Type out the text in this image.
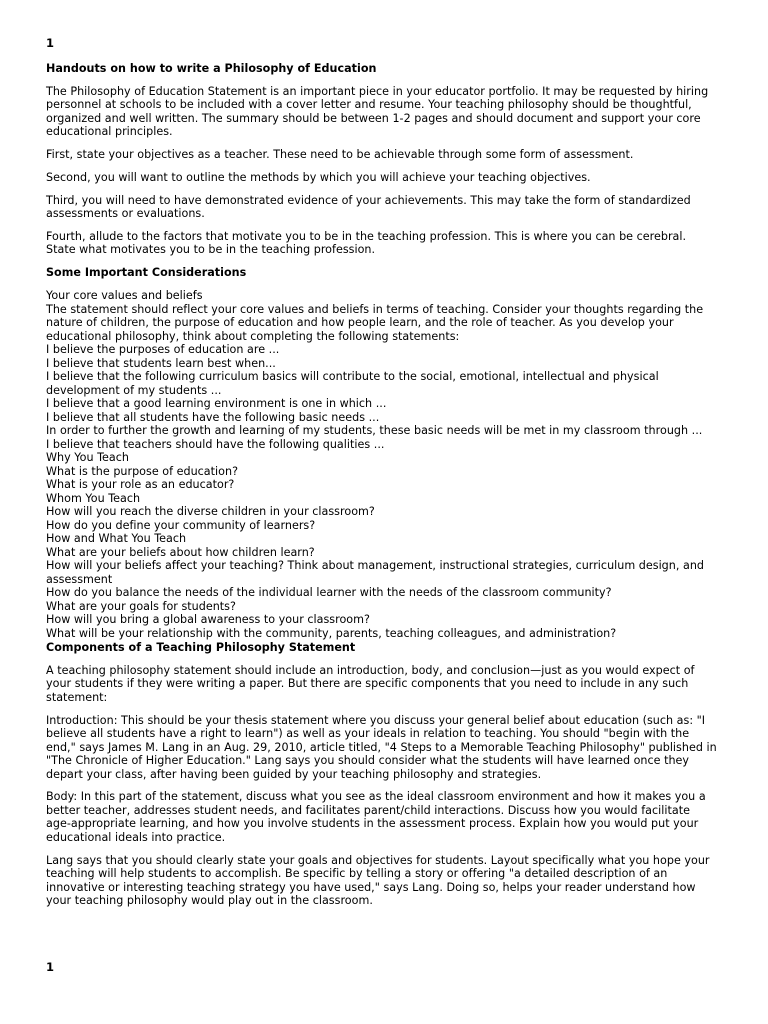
1
Handouts on how to write a Philosophy of Education

The Philosophy of Education Statement is an important piece in your educator portfolio. It may be requested by hiring personnel at schools to be included with a cover letter and resume. Your teaching philosophy should be thoughtful, organized and well written. The summary should be between 1-2 pages and should document and support your core educational principles.

First, state your objectives as a teacher. These need to be achievable through some form of assessment.

Second, you will want to outline the methods by which you will achieve your teaching objectives.

Third, you will need to have demonstrated evidence of your achievements. This may take the form of standardized assessments or evaluations.

Fourth, allude to the factors that motivate you to be in the teaching profession. This is where you can be cerebral. State what motivates you to be in the teaching profession.

Some Important Considerations
Your core values and beliefs
The statement should reflect your core values and beliefs in terms of teaching. Consider your thoughts regarding the nature of children, the purpose of education and how people learn, and the role of teacher. As you develop your educational philosophy, think about completing the following statements:
I believe the purposes of education are ...
I believe that students learn best when...
I believe that the following curriculum basics will contribute to the social, emotional, intellectual and physical development of my students ...
I believe that a good learning environment is one in which ...
I believe that all students have the following basic needs ...
In order to further the growth and learning of my students, these basic needs will be met in my classroom through ...
I believe that teachers should have the following qualities ...
Why You Teach
What is the purpose of education?
What is your role as an educator?
Whom You Teach
How will you reach the diverse children in your classroom?
How do you define your community of learners?
How and What You Teach
What are your beliefs about how children learn?
How will your beliefs affect your teaching? Think about management, instructional strategies, curriculum design, and assessment
How do you balance the needs of the individual learner with the needs of the classroom community?
What are your goals for students?
How will you bring a global awareness to your classroom?
What will be your relationship with the community, parents, teaching colleagues, and administration?
Components of a Teaching Philosophy Statement

A teaching philosophy statement should include an introduction, body, and conclusion—just as you would expect of your students if they were writing a paper. But there are specific components that you need to include in any such statement:

Introduction: This should be your thesis statement where you discuss your general belief about education (such as: "I believe all students have a right to learn") as well as your ideals in relation to teaching. You should "begin with the end," says James M. Lang in an Aug. 29, 2010, article titled, "4 Steps to a Memorable Teaching Philosophy" published in "The Chronicle of Higher Education." Lang says you should consider what the students will have learned once they depart your class, after having been guided by your teaching philosophy and strategies.

Body: In this part of the statement, discuss what you see as the ideal classroom environment and how it makes you a better teacher, addresses student needs, and facilitates parent/child interactions. Discuss how you would facilitate age-appropriate learning, and how you involve students in the assessment process. Explain how you would put your educational ideals into practice.

Lang says that you should clearly state your goals and objectives for students. Layout specifically what you hope your teaching will help students to accomplish. Be specific by telling a story or offering "a detailed description of an innovative or interesting teaching strategy you have used," says Lang. Doing so, helps your reader understand how your teaching philosophy would play out in the classroom.

1
